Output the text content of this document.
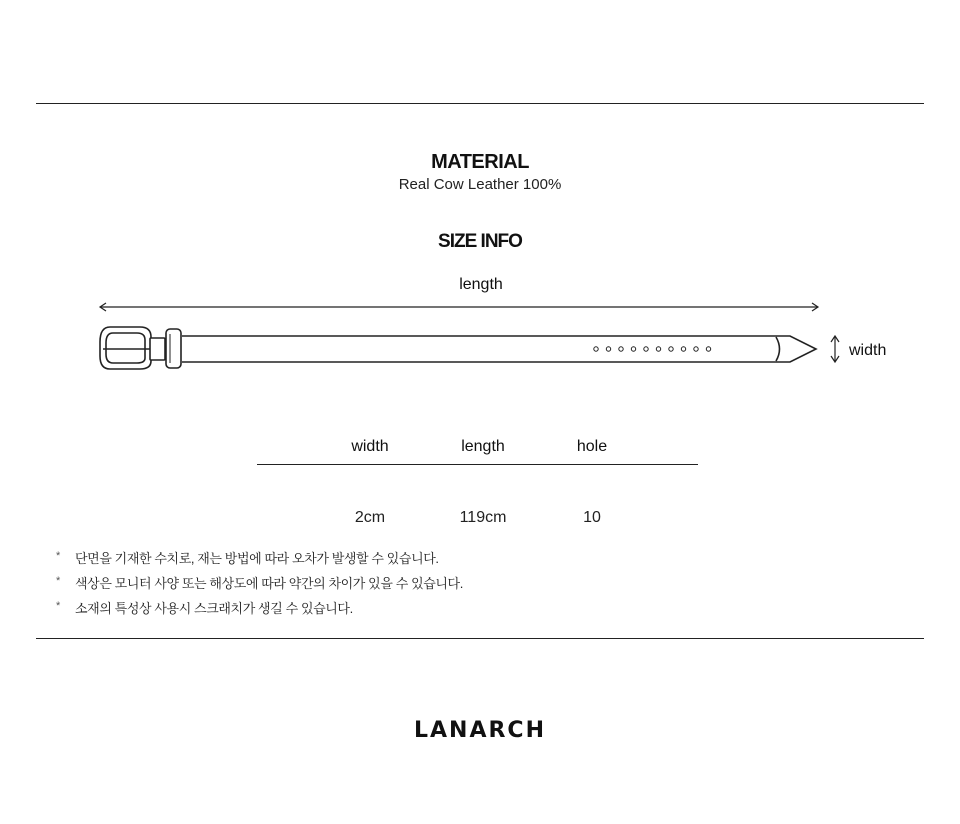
MATERIAL
Real Cow Leather 100%
SIZE INFO
length
width
width	length	hole
2cm	119cm	10
* 단면을 기재한 수치로, 재는 방법에 따라 오차가 발생할 수 있습니다.
* 색상은 모니터 사양 또는 해상도에 따라 약간의 차이가 있을 수 있습니다.
* 소재의 특성상 사용시 스크래치가 생길 수 있습니다.
LANARCH
